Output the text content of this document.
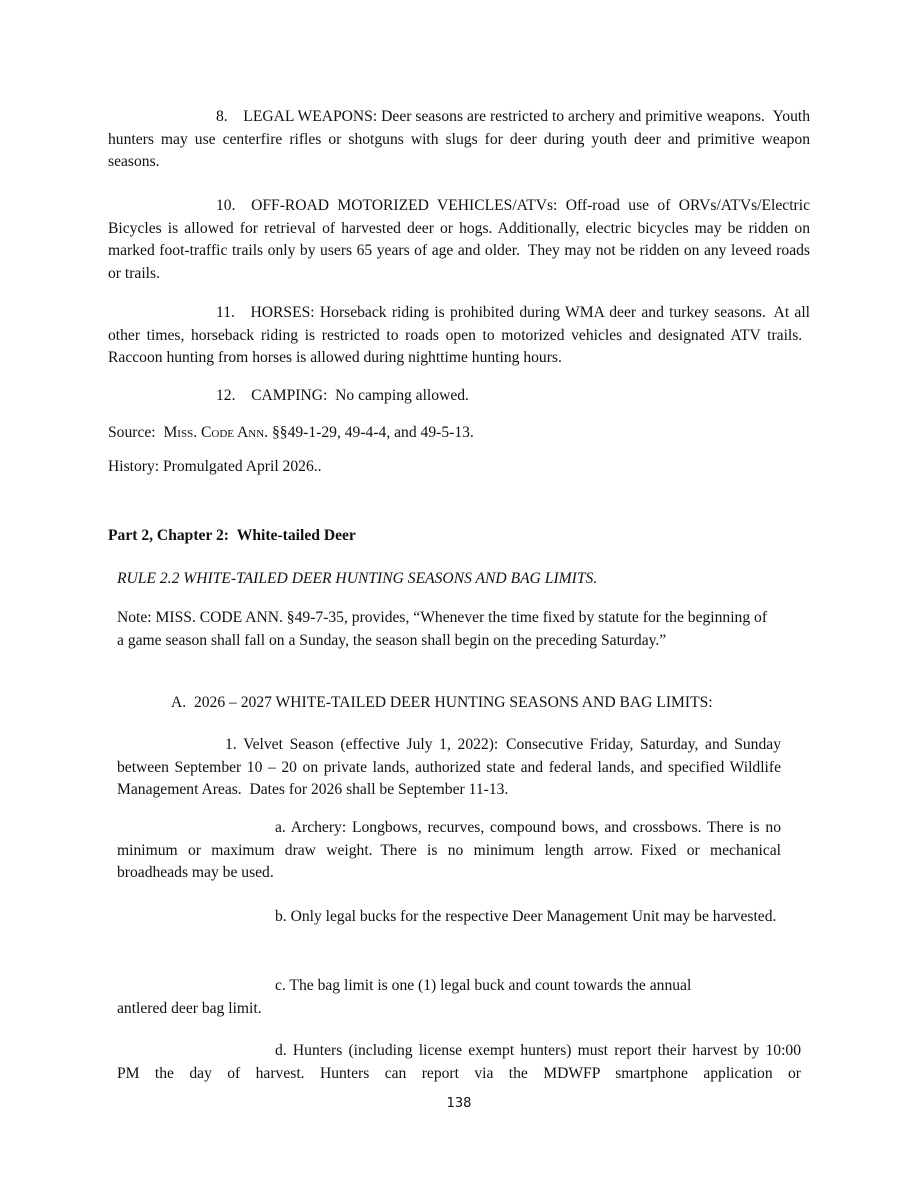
8. LEGAL WEAPONS: Deer seasons are restricted to archery and primitive weapons. Youth hunters may use centerfire rifles or shotguns with slugs for deer during youth deer and primitive weapon seasons.

10. OFF-ROAD MOTORIZED VEHICLES/ATVs: Off-road use of ORVs/ATVs/Electric Bicycles is allowed for retrieval of harvested deer or hogs. Additionally, electric bicycles may be ridden on marked foot-traffic trails only by users 65 years of age and older. They may not be ridden on any leveed roads or trails.

11. HORSES: Horseback riding is prohibited during WMA deer and turkey seasons. At all other times, horseback riding is restricted to roads open to motorized vehicles and designated ATV trails. Raccoon hunting from horses is allowed during nighttime hunting hours.

12. CAMPING: No camping allowed.

Source: Miss. Code Ann. §§49-1-29, 49-4-4, and 49-5-13.

History: Promulgated April 2026..

Part 2, Chapter 2: White-tailed Deer

RULE 2.2 WHITE-TAILED DEER HUNTING SEASONS AND BAG LIMITS.

Note: MISS. CODE ANN. §49-7-35, provides, “Whenever the time fixed by statute for the beginning of a game season shall fall on a Sunday, the season shall begin on the preceding Saturday.”

A. 2026 – 2027 WHITE-TAILED DEER HUNTING SEASONS AND BAG LIMITS:

1. Velvet Season (effective July 1, 2022): Consecutive Friday, Saturday, and Sunday between September 10 – 20 on private lands, authorized state and federal lands, and specified Wildlife Management Areas. Dates for 2026 shall be September 11-13.

a. Archery: Longbows, recurves, compound bows, and crossbows. There is no minimum or maximum draw weight. There is no minimum length arrow. Fixed or mechanical broadheads may be used.

b. Only legal bucks for the respective Deer Management Unit may be harvested.

c. The bag limit is one (1) legal buck and count towards the annual antlered deer bag limit.

d. Hunters (including license exempt hunters) must report their harvest by 10:00 PM the day of harvest. Hunters can report via the MDWFP smartphone application or

138
